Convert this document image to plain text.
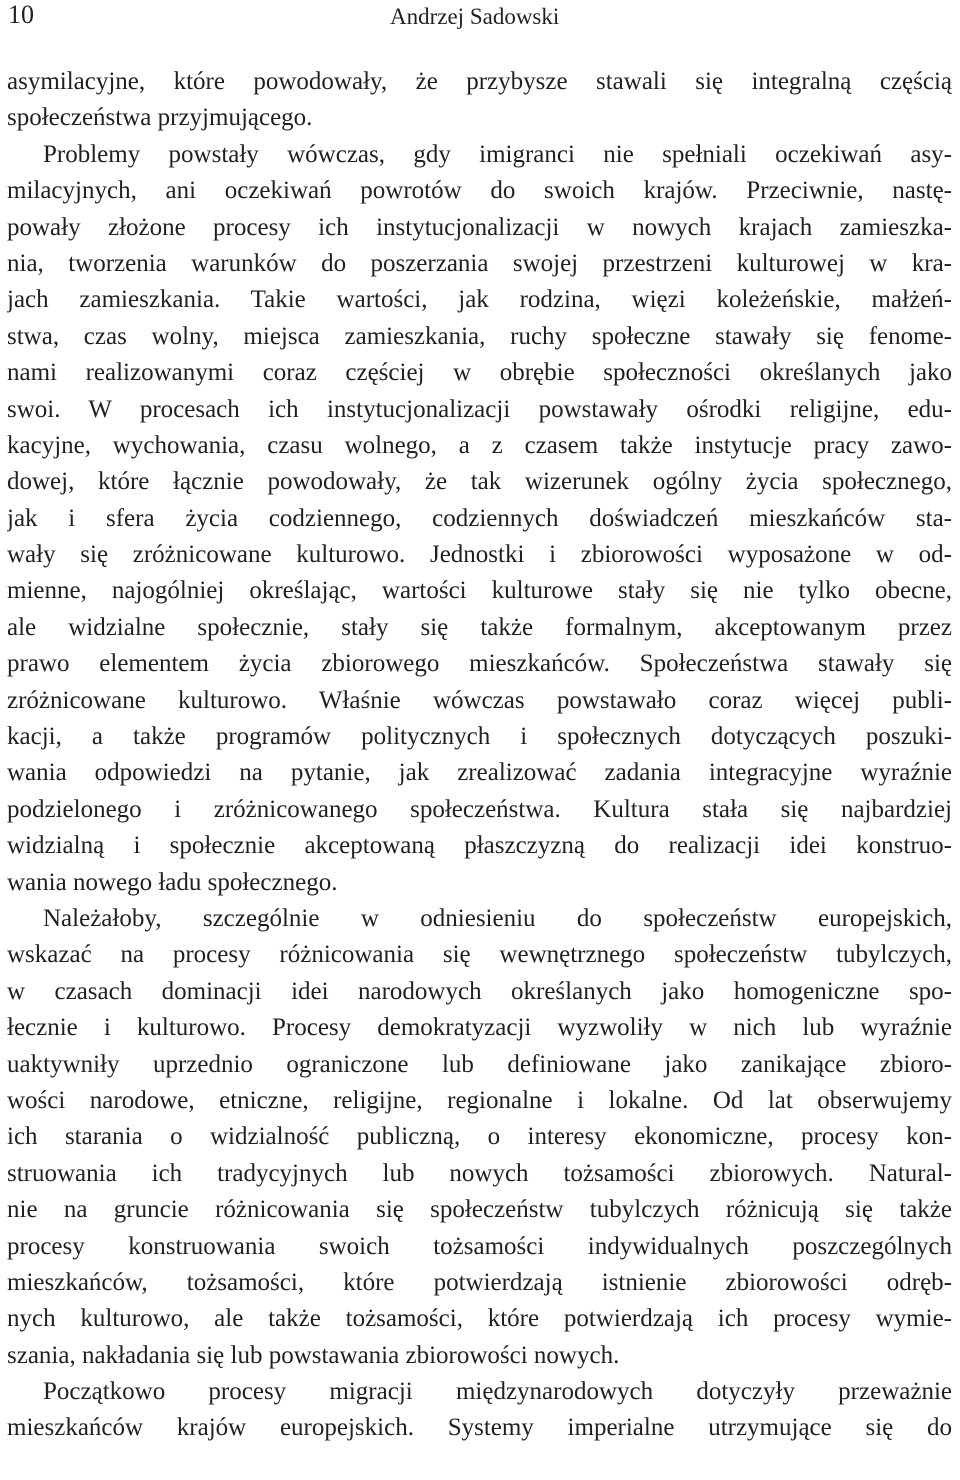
10	Andrzej Sadowski
asymilacyjne, które powodowały, że przybysze stawali się integralną częścią
społeczeństwa przyjmującego.
Problemy powstały wówczas, gdy imigranci nie spełniali oczekiwań asy-
milacyjnych, ani oczekiwań powrotów do swoich krajów. Przeciwnie, nastę-
powały złożone procesy ich instytucjonalizacji w nowych krajach zamieszka-
nia, tworzenia warunków do poszerzania swojej przestrzeni kulturowej w kra-
jach zamieszkania. Takie wartości, jak rodzina, więzi koleżeńskie, małżeń-
stwa, czas wolny, miejsca zamieszkania, ruchy społeczne stawały się fenome-
nami realizowanymi coraz częściej w obrębie społeczności określanych jako
swoi. W procesach ich instytucjonalizacji powstawały ośrodki religijne, edu-
kacyjne, wychowania, czasu wolnego, a z czasem także instytucje pracy zawo-
dowej, które łącznie powodowały, że tak wizerunek ogólny życia społecznego,
jak i sfera życia codziennego, codziennych doświadczeń mieszkańców sta-
wały się zróżnicowane kulturowo. Jednostki i zbiorowości wyposażone w od-
mienne, najogólniej określając, wartości kulturowe stały się nie tylko obecne,
ale widzialne społecznie, stały się także formalnym, akceptowanym przez
prawo elementem życia zbiorowego mieszkańców. Społeczeństwa stawały się
zróżnicowane kulturowo. Właśnie wówczas powstawało coraz więcej publi-
kacji, a także programów politycznych i społecznych dotyczących poszuki-
wania odpowiedzi na pytanie, jak zrealizować zadania integracyjne wyraźnie
podzielonego i zróżnicowanego społeczeństwa. Kultura stała się najbardziej
widzialną i społecznie akceptowaną płaszczyzną do realizacji idei konstruo-
wania nowego ładu społecznego.
Należałoby, szczególnie w odniesieniu do społeczeństw europejskich,
wskazać na procesy różnicowania się wewnętrznego społeczeństw tubylczych,
w czasach dominacji idei narodowych określanych jako homogeniczne spo-
łecznie i kulturowo. Procesy demokratyzacji wyzwoliły w nich lub wyraźnie
uaktywniły uprzednio ograniczone lub definiowane jako zanikające zbioro-
wości narodowe, etniczne, religijne, regionalne i lokalne. Od lat obserwujemy
ich starania o widzialność publiczną, o interesy ekonomiczne, procesy kon-
struowania ich tradycyjnych lub nowych tożsamości zbiorowych. Natural-
nie na gruncie różnicowania się społeczeństw tubylczych różnicują się także
procesy konstruowania swoich tożsamości indywidualnych poszczególnych
mieszkańców, tożsamości, które potwierdzają istnienie zbiorowości odręb-
nych kulturowo, ale także tożsamości, które potwierdzają ich procesy wymie-
szania, nakładania się lub powstawania zbiorowości nowych.
Początkowo procesy migracji międzynarodowych dotyczyły przeważnie
mieszkańców krajów europejskich. Systemy imperialne utrzymujące się do
